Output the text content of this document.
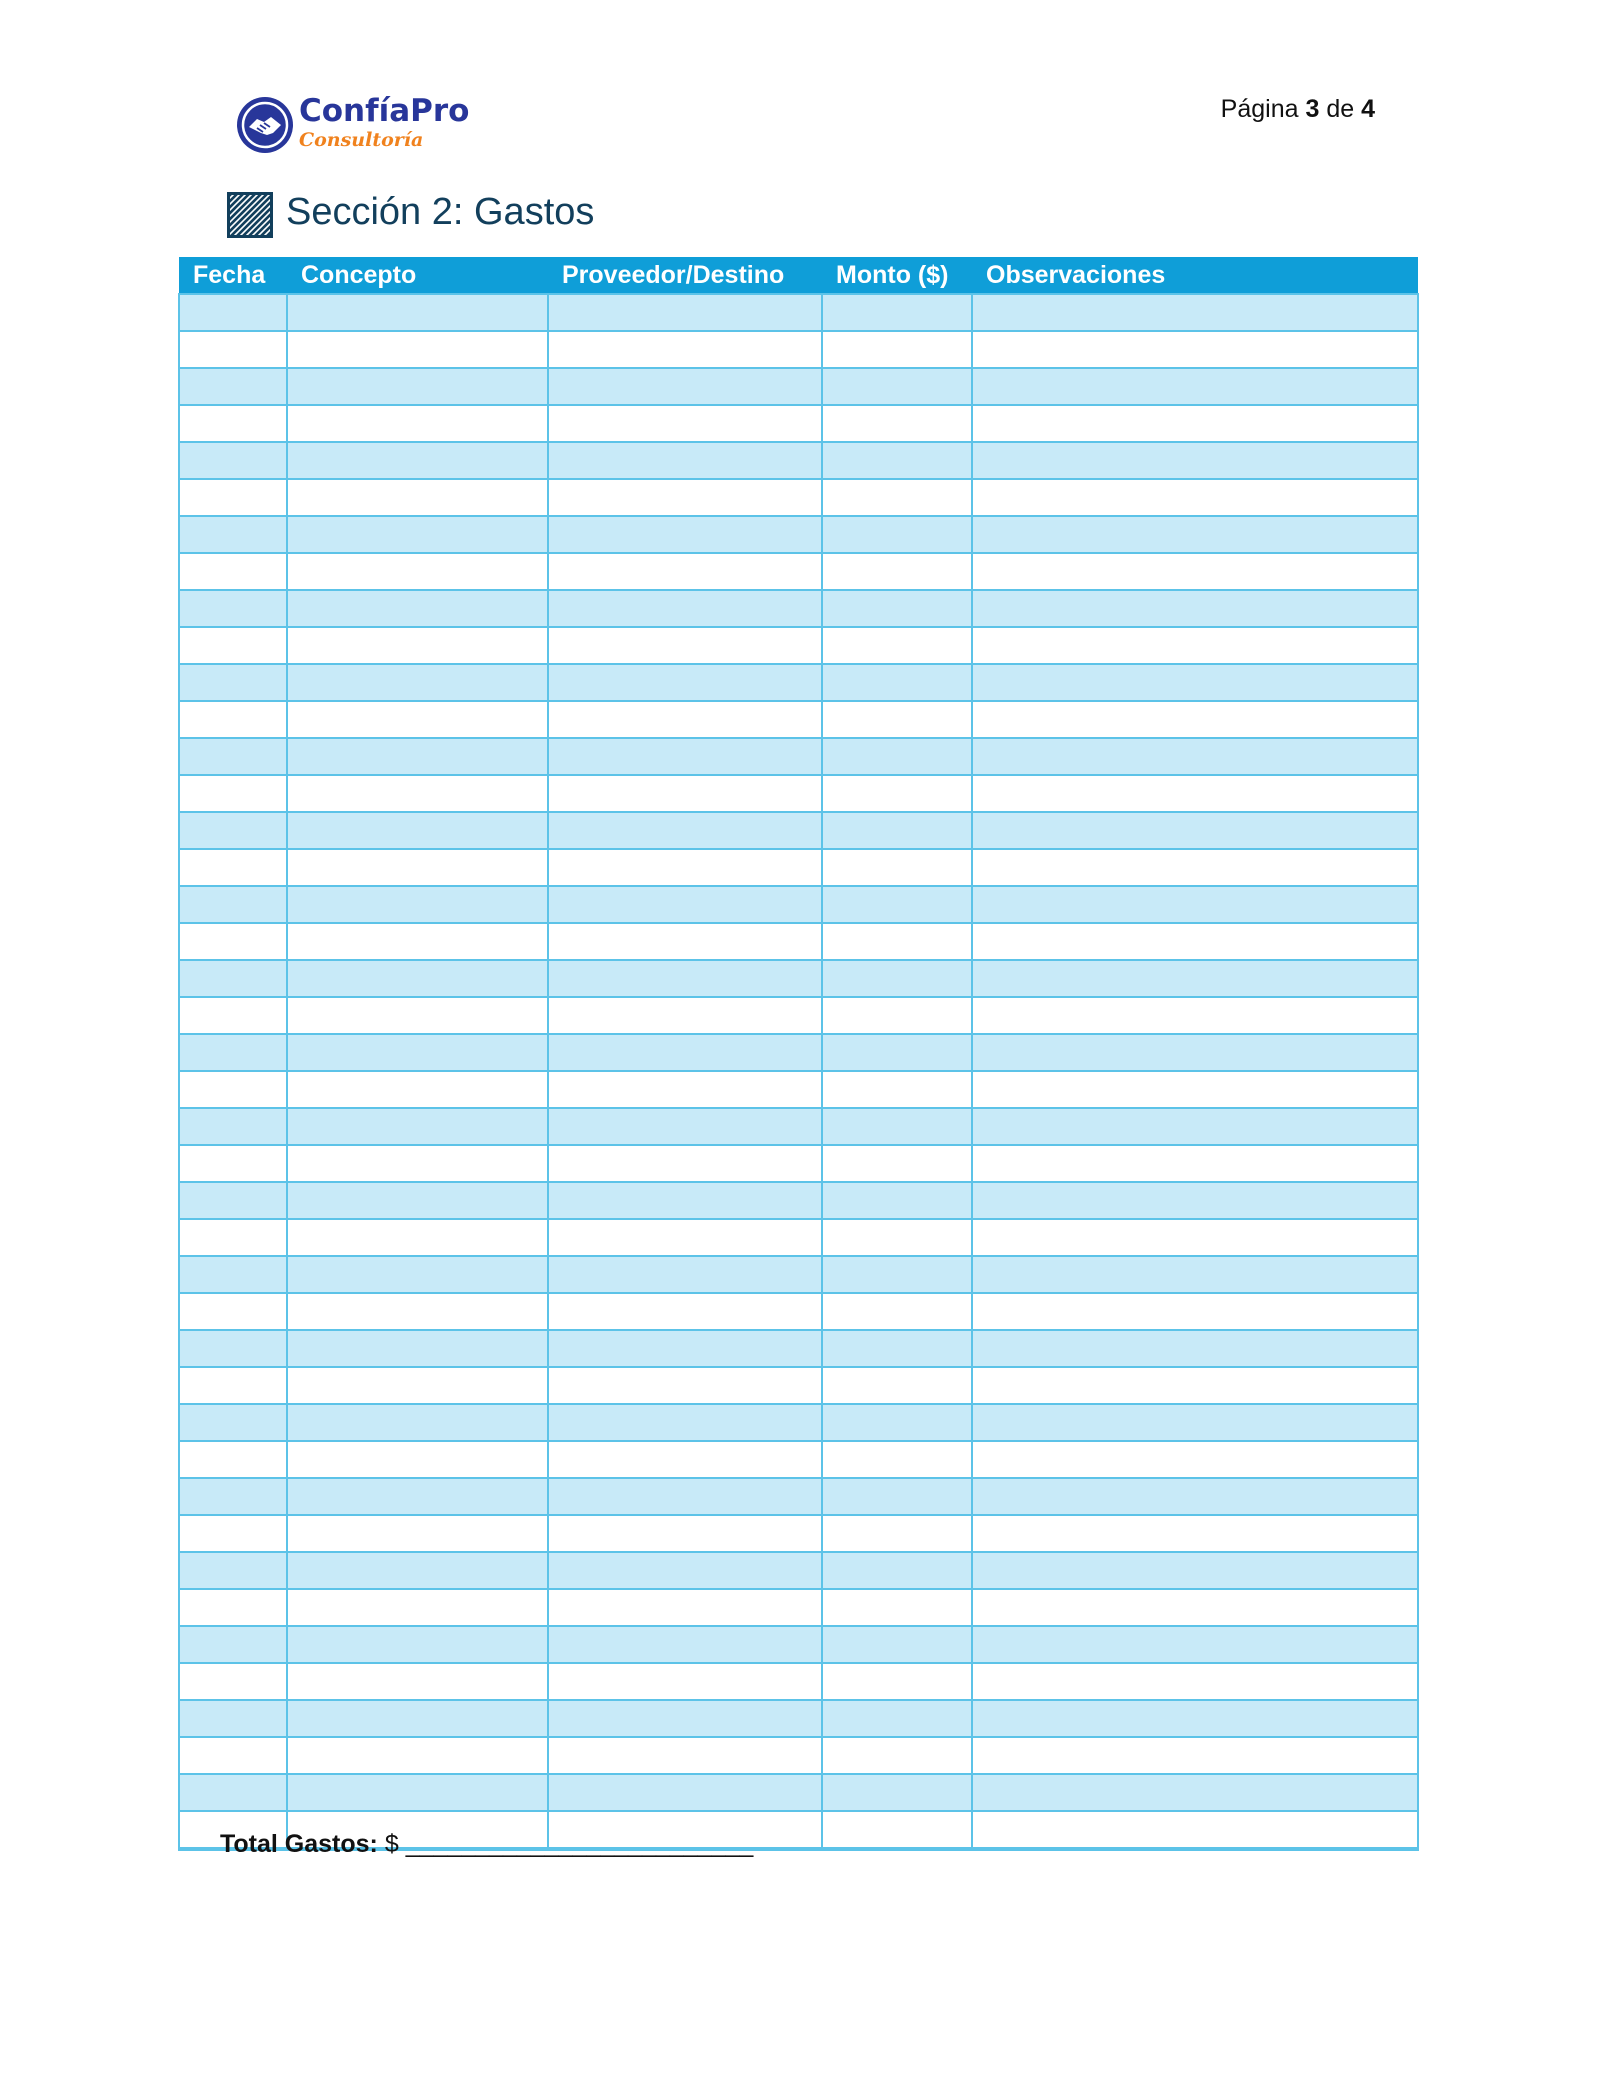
ConfíaPro
Consultoría
Página 3 de 4
Sección 2: Gastos
Fecha	Concepto	Proveedor/Destino	Monto ($)	Observaciones

Total Gastos: $ _________________________
